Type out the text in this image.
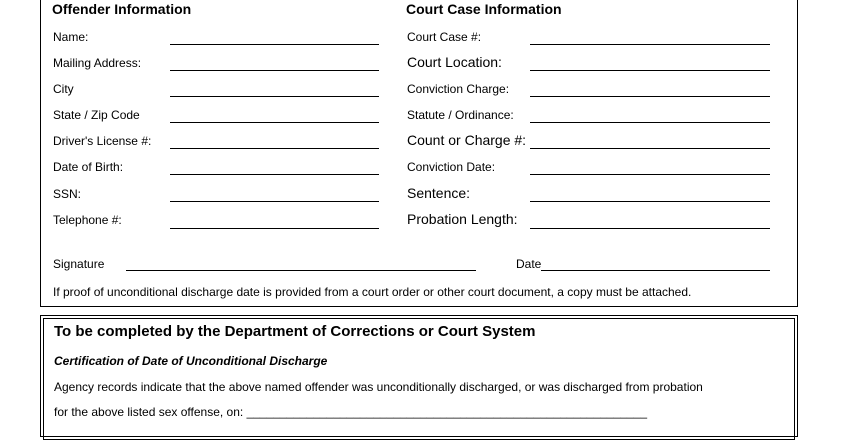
Offender Information	Court Case Information
Name:
Mailing Address:
City
State / Zip Code
Driver's License #:
Date of Birth:
SSN:
Telephone #:
Court Case #:
Court Location:
Conviction Charge:
Statute / Ordinance:
Count or Charge #:
Conviction Date:
Sentence:
Probation Length:
Signature	Date
If proof of unconditional discharge date is provided from a court order or other court document, a copy must be attached.
To be completed by the Department of Corrections or Court System
Certification of Date of Unconditional Discharge
Agency records indicate that the above named offender was unconditionally discharged, or was discharged from probation
for the above listed sex offense, on: ____________________________________________________________
